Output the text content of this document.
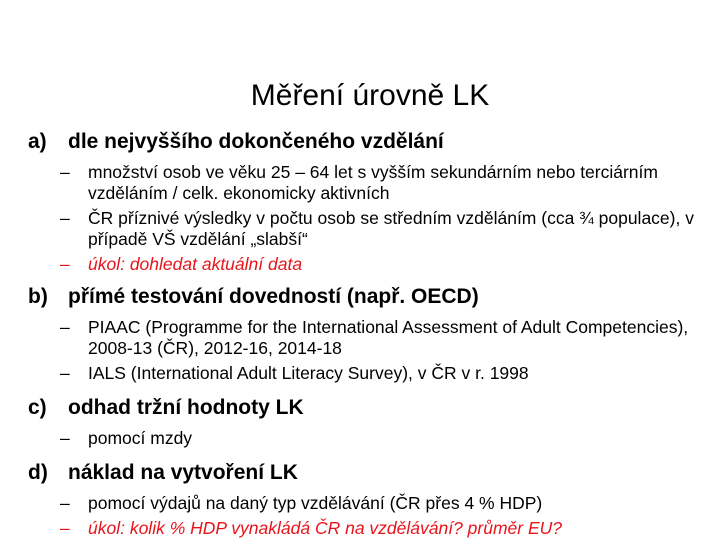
Měření úrovně LK
a) dle nejvyššího dokončeného vzdělání
– množství osob ve věku 25 – 64 let s vyšším sekundárním nebo terciárním vzděláním / celk. ekonomicky aktivních
– ČR příznivé výsledky v počtu osob se středním vzděláním (cca ¾ populace), v případě VŠ vzdělání „slabší“
– úkol: dohledat aktuální data
b) přímé testování dovedností (např. OECD)
– PIAAC (Programme for the International Assessment of Adult Competencies), 2008-13 (ČR), 2012-16, 2014-18
– IALS (International Adult Literacy Survey), v ČR v r. 1998
c) odhad tržní hodnoty LK
– pomocí mzdy
d) náklad na vytvoření LK
– pomocí výdajů na daný typ vzdělávání (ČR přes 4 % HDP)
– úkol: kolik % HDP vynakládá ČR na vzdělávání? průměr EU?
